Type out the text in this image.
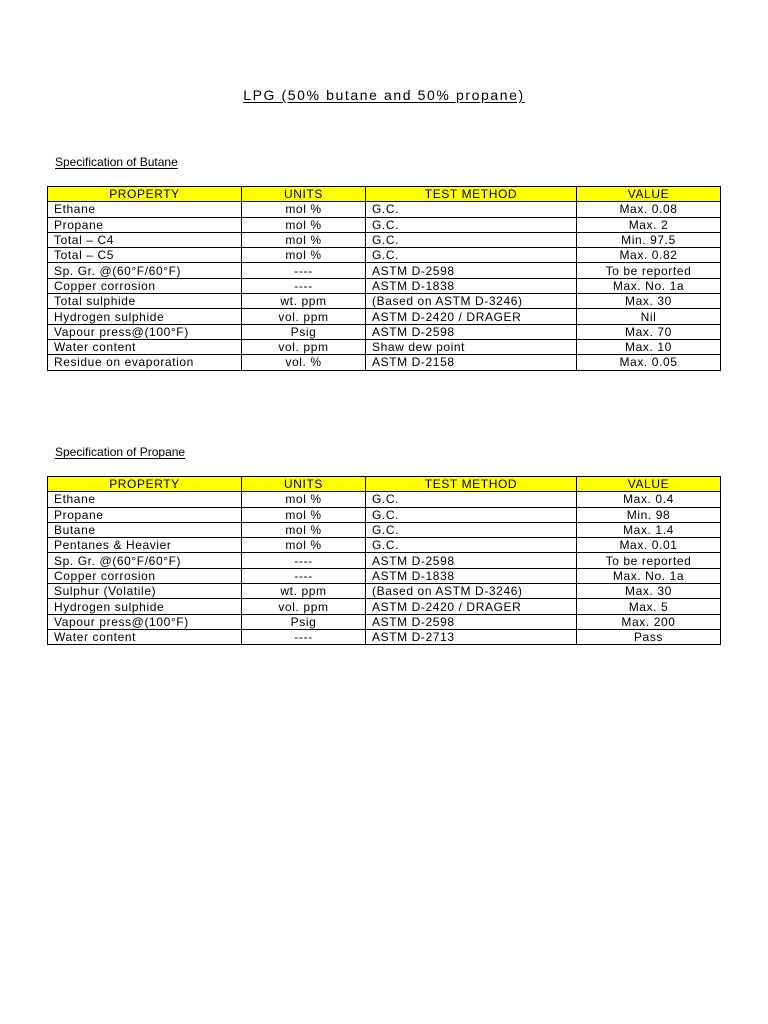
LPG (50% butane and 50% propane)
Specification of Butane
PROPERTY	UNITS	TEST METHOD	VALUE
Ethane	mol %	G.C.	Max. 0.08
Propane	mol %	G.C.	Max. 2
Total – C4	mol %	G.C.	Min. 97.5
Total – C5	mol %	G.C.	Max. 0.82
Sp. Gr. @(60°F/60°F)	----	ASTM D-2598	To be reported
Copper corrosion	----	ASTM D-1838	Max. No. 1a
Total sulphide	wt. ppm	(Based on ASTM D-3246)	Max. 30
Hydrogen sulphide	vol. ppm	ASTM D-2420 / DRAGER	Nil
Vapour press@(100°F)	Psig	ASTM D-2598	Max. 70
Water content	vol. ppm	Shaw dew point	Max. 10
Residue on evaporation	vol. %	ASTM D-2158	Max. 0.05
Specification of Propane
PROPERTY	UNITS	TEST METHOD	VALUE
Ethane	mol %	G.C.	Max. 0.4
Propane	mol %	G.C.	Min. 98
Butane	mol %	G.C.	Max. 1.4
Pentanes & Heavier	mol %	G.C.	Max. 0.01
Sp. Gr. @(60°F/60°F)	----	ASTM D-2598	To be reported
Copper corrosion	----	ASTM D-1838	Max. No. 1a
Sulphur (Volatile)	wt. ppm	(Based on ASTM D-3246)	Max. 30
Hydrogen sulphide	vol. ppm	ASTM D-2420 / DRAGER	Max. 5
Vapour press@(100°F)	Psig	ASTM D-2598	Max. 200
Water content	----	ASTM D-2713	Pass
